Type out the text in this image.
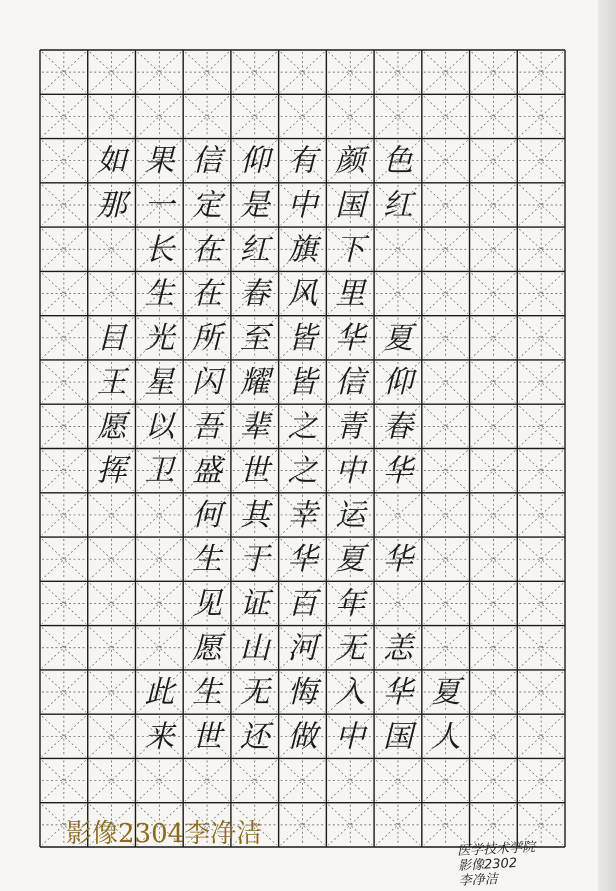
如 果 信 仰 有 颜 色
那 一 定 是 中 国 红
长 在 红 旗 下
生 在 春 风 里
目 光 所 至 皆 华 夏
王 星 闪 耀 皆 信 仰
愿 以 吾 辈 之 青 春
挥 卫 盛 世 之 中 华
何 其 幸 运
生 于 华 夏 华
见 证 百 年
愿 山 河 无 恙
此 生 无 悔 入 华 夏
来 世 还 做 中 国 人
影像2304李净洁
医学技术学院
影像2302
李净洁
